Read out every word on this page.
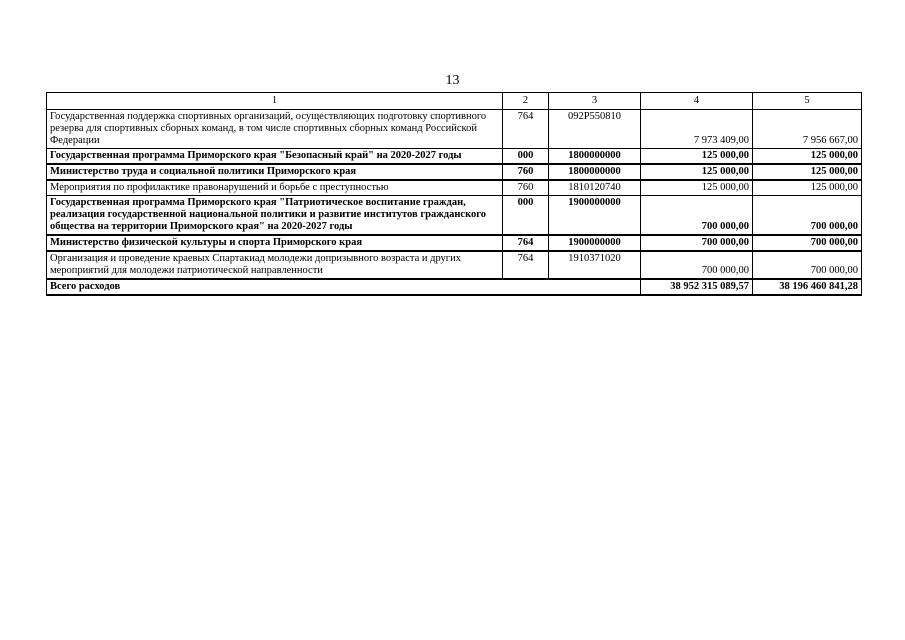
13
1	2	3	4	5
Государственная поддержка спортивных организаций, осуществляющих подготовку спортивного резерва для спортивных сборных команд, в том числе спортивных сборных команд Российской Федерации	764	092P550810	7 973 409,00	7 956 667,00
Государственная программа Приморского края "Безопасный край" на 2020-2027 годы	000	1800000000	125 000,00	125 000,00
Министерство труда и социальной политики Приморского края	760	1800000000	125 000,00	125 000,00
Мероприятия по профилактике правонарушений и борьбе с преступностью	760	1810120740	125 000,00	125 000,00
Государственная программа Приморского края "Патриотическое воспитание граждан, реализация государственной национальной политики и развитие институтов гражданского общества на территории Приморского края" на 2020-2027 годы	000	1900000000	700 000,00	700 000,00
Министерство физической культуры и спорта Приморского края	764	1900000000	700 000,00	700 000,00
Организация и проведение краевых Спартакиад молодежи допризывного возраста и других мероприятий для молодежи патриотической направленности	764	1910371020	700 000,00	700 000,00
Всего расходов			38 952 315 089,57	38 196 460 841,28
